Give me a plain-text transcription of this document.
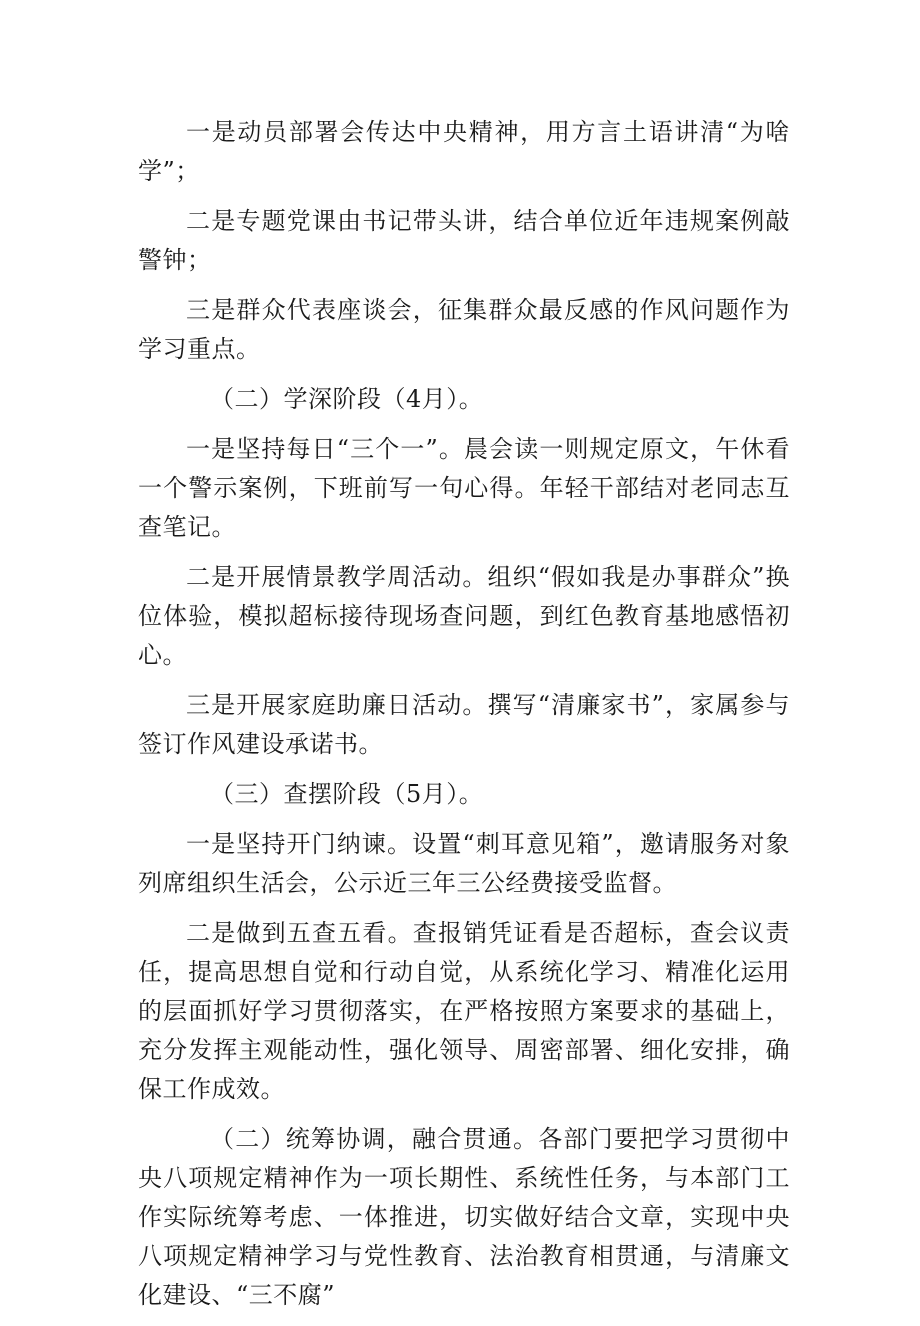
一是动员部署会传达中央精神，用方言土语讲清“为啥学”；

二是专题党课由书记带头讲，结合单位近年违规案例敲警钟；

三是群众代表座谈会，征集群众最反感的作风问题作为学习重点。

（二）学深阶段（4月）。

一是坚持每日“三个一”。晨会读一则规定原文，午休看一个警示案例，下班前写一句心得。年轻干部结对老同志互查笔记。

二是开展情景教学周活动。组织“假如我是办事群众”换位体验，模拟超标接待现场查问题，到红色教育基地感悟初心。

三是开展家庭助廉日活动。撰写“清廉家书”，家属参与签订作风建设承诺书。

（三）查摆阶段（5月）。

一是坚持开门纳谏。设置“刺耳意见箱”，邀请服务对象列席组织生活会，公示近三年三公经费接受监督。

二是做到五查五看。查报销凭证看是否超标，查会议责任，提高思想自觉和行动自觉，从系统化学习、精准化运用的层面抓好学习贯彻落实，在严格按照方案要求的基础上，充分发挥主观能动性，强化领导、周密部署、细化安排，确保工作成效。

（二）统筹协调，融合贯通。各部门要把学习贯彻中央八项规定精神作为一项长期性、系统性任务，与本部门工作实际统筹考虑、一体推进，切实做好结合文章，实现中央八项规定精神学习与党性教育、法治教育相贯通，与清廉文化建设、“三不腐”
